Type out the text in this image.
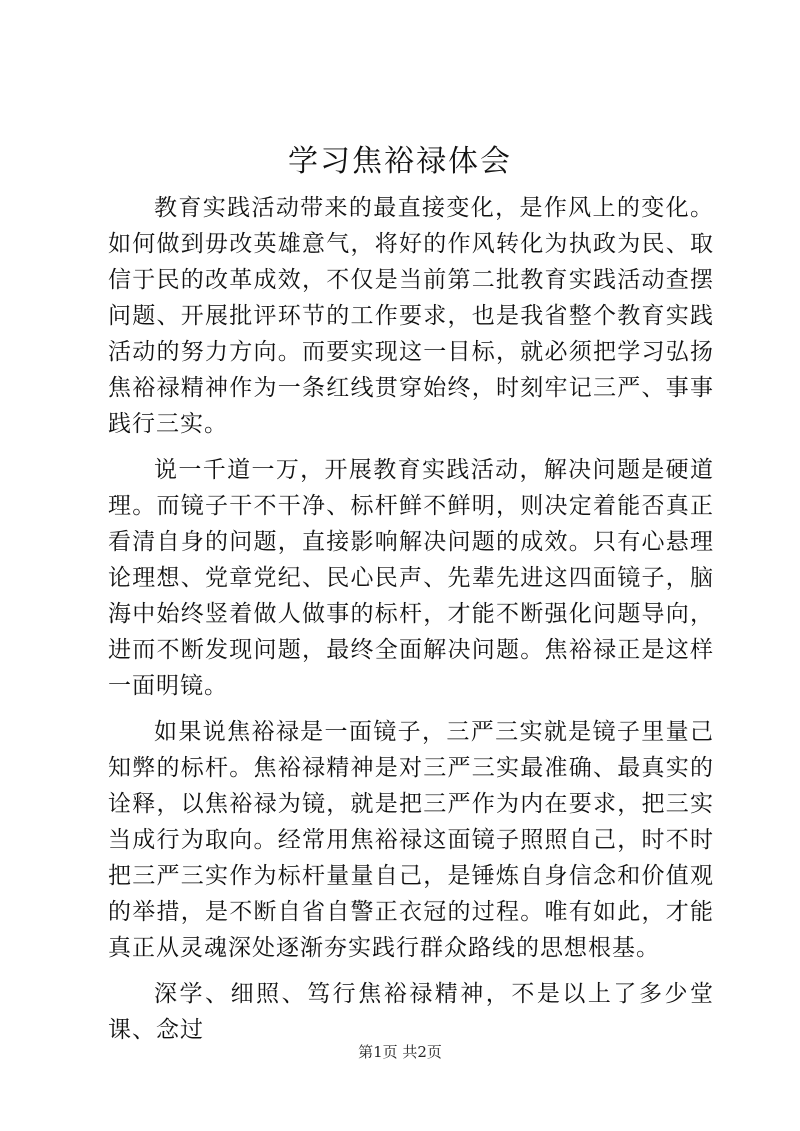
学习焦裕禄体会

教育实践活动带来的最直接变化，是作风上的变化。如何做到毋改英雄意气，将好的作风转化为执政为民、取信于民的改革成效，不仅是当前第二批教育实践活动查摆问题、开展批评环节的工作要求，也是我省整个教育实践活动的努力方向。而要实现这一目标，就必须把学习弘扬焦裕禄精神作为一条红线贯穿始终，时刻牢记三严、事事践行三实。

说一千道一万，开展教育实践活动，解决问题是硬道理。而镜子干不干净、标杆鲜不鲜明，则决定着能否真正看清自身的问题，直接影响解决问题的成效。只有心悬理论理想、党章党纪、民心民声、先辈先进这四面镜子，脑海中始终竖着做人做事的标杆，才能不断强化问题导向，进而不断发现问题，最终全面解决问题。焦裕禄正是这样一面明镜。

如果说焦裕禄是一面镜子，三严三实就是镜子里量己知弊的标杆。焦裕禄精神是对三严三实最准确、最真实的诠释，以焦裕禄为镜，就是把三严作为内在要求，把三实当成行为取向。经常用焦裕禄这面镜子照照自己，时不时把三严三实作为标杆量量自己，是锤炼自身信念和价值观的举措，是不断自省自警正衣冠的过程。唯有如此，才能真正从灵魂深处逐渐夯实践行群众路线的思想根基。

深学、细照、笃行焦裕禄精神，不是以上了多少堂课、念过

第1页 共2页
